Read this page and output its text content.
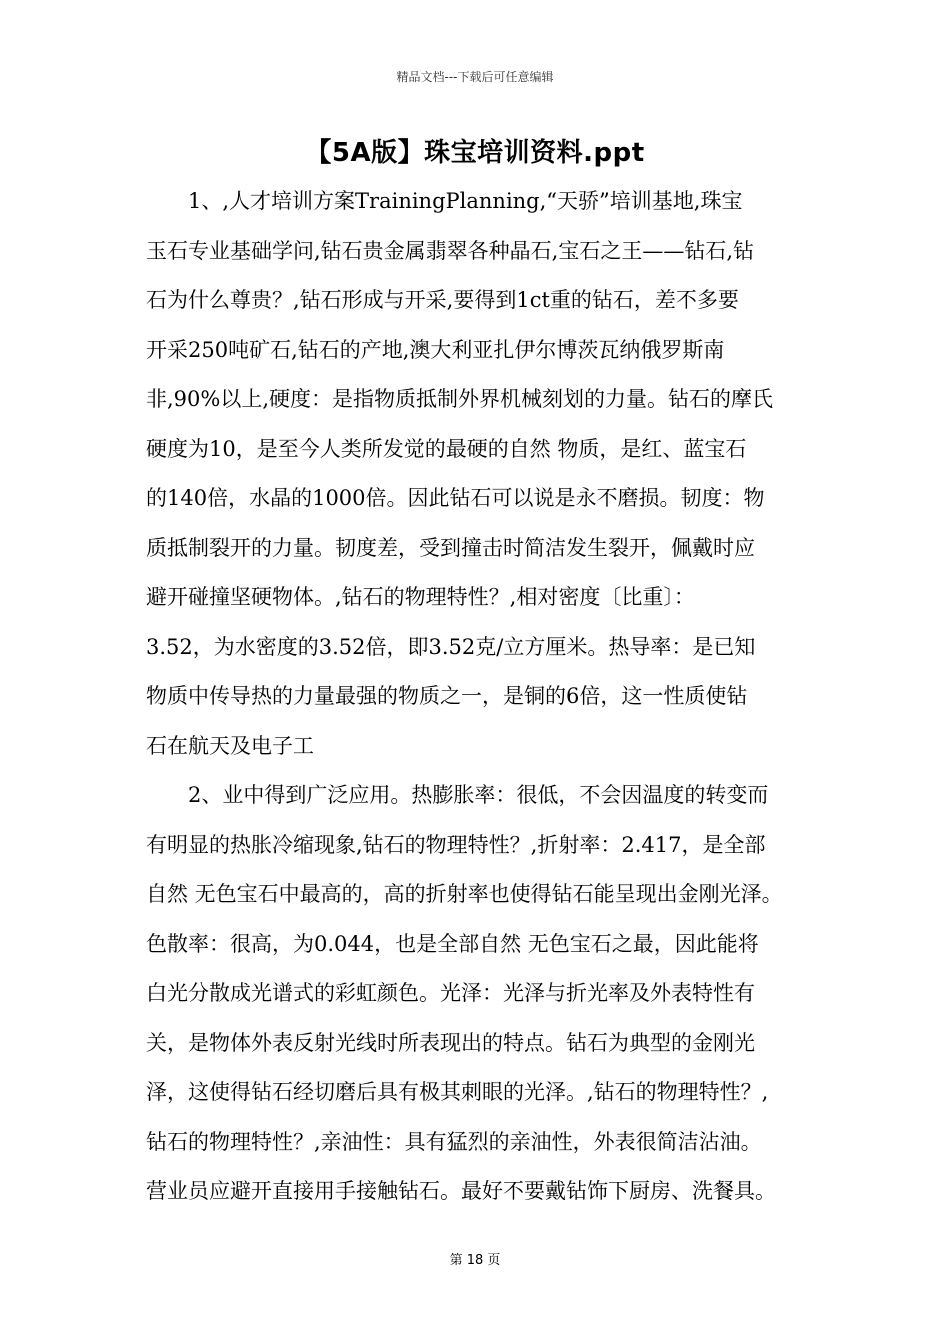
精品文档---下载后可任意编辑
【5A版】珠宝培训资料.ppt

1、,人才培训方案TrainingPlanning,“天骄”培训基地,珠宝
玉石专业基础学问,钻石贵金属翡翠各种晶石,宝石之王——钻石,钻
石为什么尊贵？,钻石形成与开采,要得到1ct重的钻石，差不多要
开采250吨矿石,钻石的产地,澳大利亚扎伊尔博茨瓦纳俄罗斯南
非,90%以上,硬度：是指物质抵制外界机械刻划的力量。钻石的摩氏
硬度为10，是至今人类所发觉的最硬的自然 物质，是红、蓝宝石
的140倍，水晶的1000倍。因此钻石可以说是永不磨损。韧度：物
质抵制裂开的力量。韧度差，受到撞击时简洁发生裂开，佩戴时应
避开碰撞坚硬物体。,钻石的物理特性？,相对密度〔比重〕：
3.52，为水密度的3.52倍，即3.52克/立方厘米。热导率：是已知
物质中传导热的力量最强的物质之一，是铜的6倍，这一性质使钻
石在航天及电子工

2、业中得到广泛应用。热膨胀率：很低，不会因温度的转变而
有明显的热胀冷缩现象,钻石的物理特性？,折射率：2.417，是全部
自然 无色宝石中最高的，高的折射率也使得钻石能呈现出金刚光泽。
色散率：很高，为0.044，也是全部自然 无色宝石之最，因此能将
白光分散成光谱式的彩虹颜色。光泽：光泽与折光率及外表特性有
关，是物体外表反射光线时所表现出的特点。钻石为典型的金刚光
泽，这使得钻石经切磨后具有极其刺眼的光泽。,钻石的物理特性？,
钻石的物理特性？,亲油性：具有猛烈的亲油性，外表很简洁沾油。
营业员应避开直接用手接触钻石。最好不要戴钻饰下厨房、洗餐具。

第 18 页
